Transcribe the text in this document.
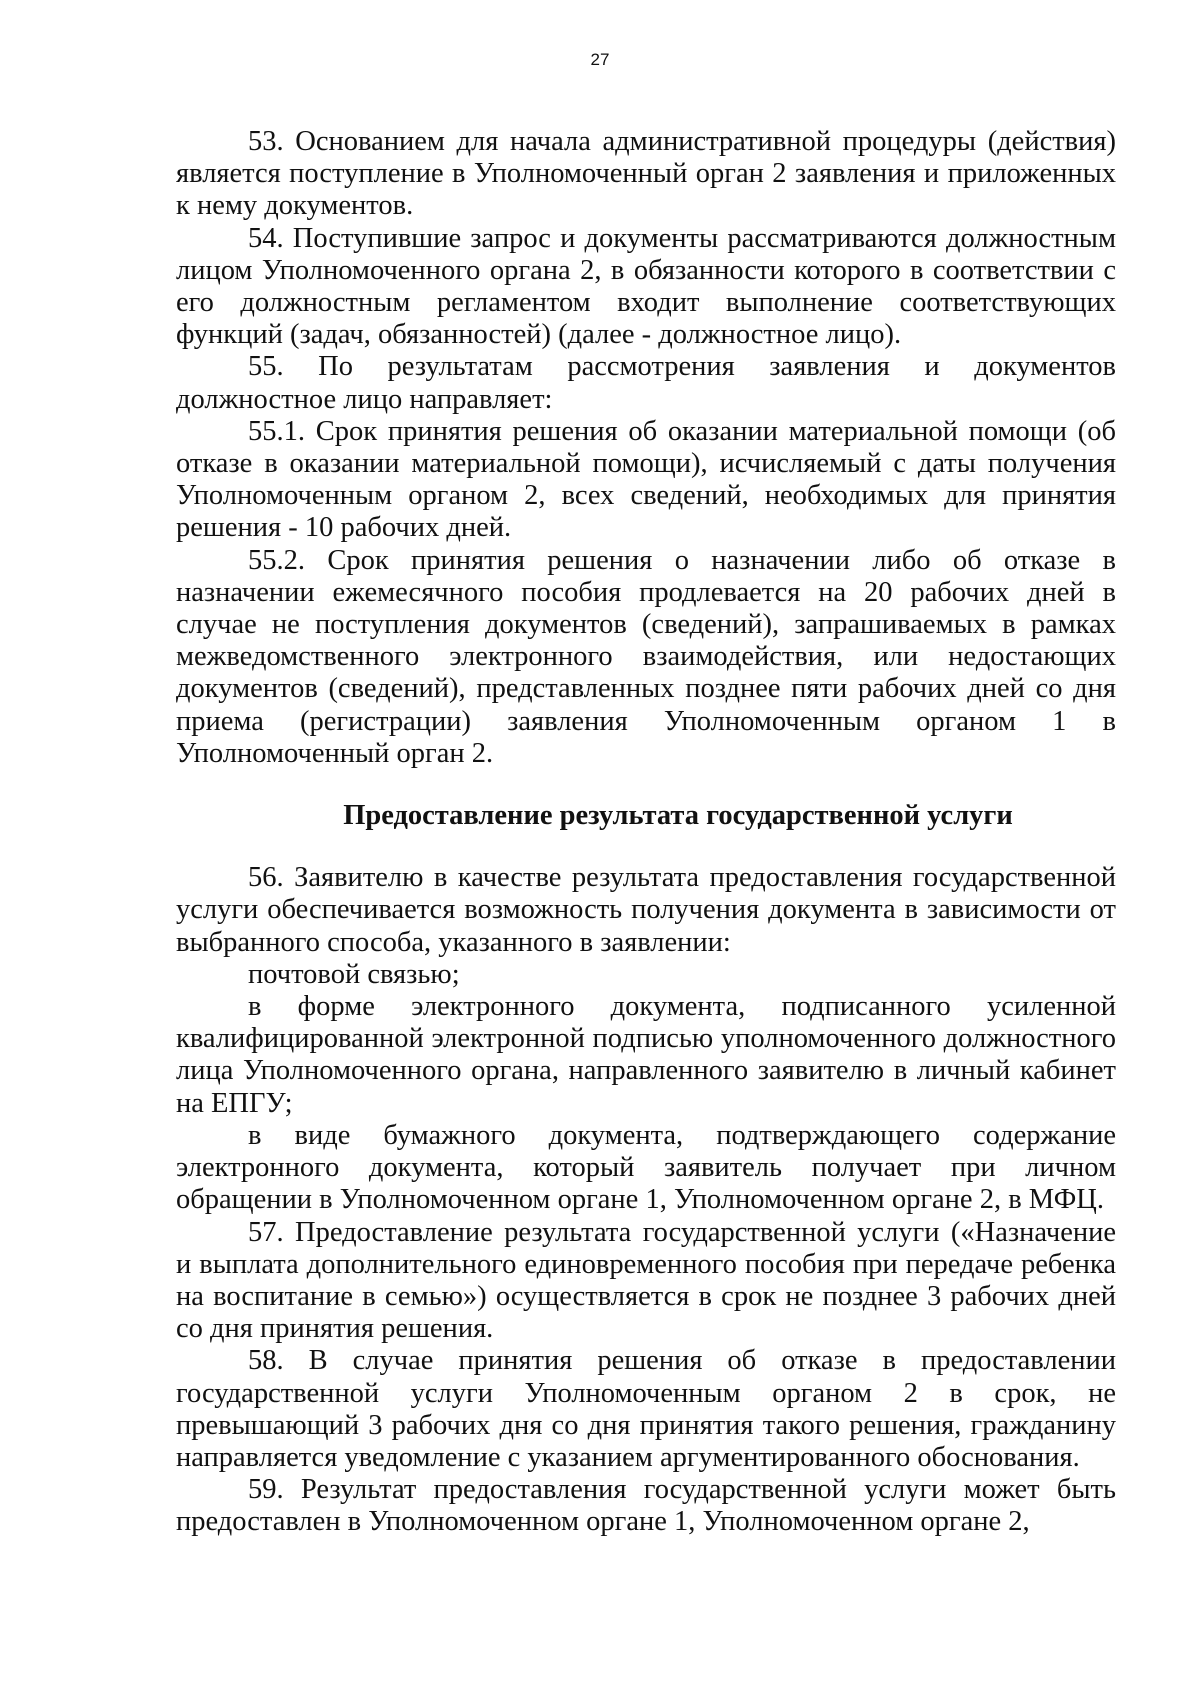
27

53. Основанием для начала административной процедуры (действия) является поступление в Уполномоченный орган 2 заявления и приложенных к нему документов.

54. Поступившие запрос и документы рассматриваются должностным лицом Уполномоченного органа 2, в обязанности которого в соответствии с его должностным регламентом входит выполнение соответствующих функций (задач, обязанностей) (далее - должностное лицо).

55. По результатам рассмотрения заявления и документов должностное лицо направляет:

55.1. Срок принятия решения об оказании материальной помощи (об отказе в оказании материальной помощи), исчисляемый с даты получения Уполномоченным органом 2, всех сведений, необходимых для принятия решения - 10 рабочих дней.

55.2. Срок принятия решения о назначении либо об отказе в назначении ежемесячного пособия продлевается на 20 рабочих дней в случае не поступления документов (сведений), запрашиваемых в рамках межведомственного электронного взаимодействия, или недостающих документов (сведений), представленных позднее пяти рабочих дней со дня приема (регистрации) заявления Уполномоченным органом 1 в Уполномоченный орган 2.

Предоставление результата государственной услуги

56. Заявителю в качестве результата предоставления государственной услуги обеспечивается возможность получения документа в зависимости от выбранного способа, указанного в заявлении:

почтовой связью;

в форме электронного документа, подписанного усиленной квалифицированной электронной подписью уполномоченного должностного лица Уполномоченного органа, направленного заявителю в личный кабинет на ЕПГУ;

в виде бумажного документа, подтверждающего содержание электронного документа, который заявитель получает при личном обращении в Уполномоченном органе 1, Уполномоченном органе 2, в МФЦ.

57. Предоставление результата государственной услуги («Назначение и выплата дополнительного единовременного пособия при передаче ребенка на воспитание в семью») осуществляется в срок не позднее 3 рабочих дней со дня принятия решения.

58. В случае принятия решения об отказе в предоставлении государственной услуги Уполномоченным органом 2 в срок, не превышающий 3 рабочих дня со дня принятия такого решения, гражданину направляется уведомление с указанием аргументированного обоснования.

59. Результат предоставления государственной услуги может быть предоставлен в Уполномоченном органе 1, Уполномоченном органе 2,
